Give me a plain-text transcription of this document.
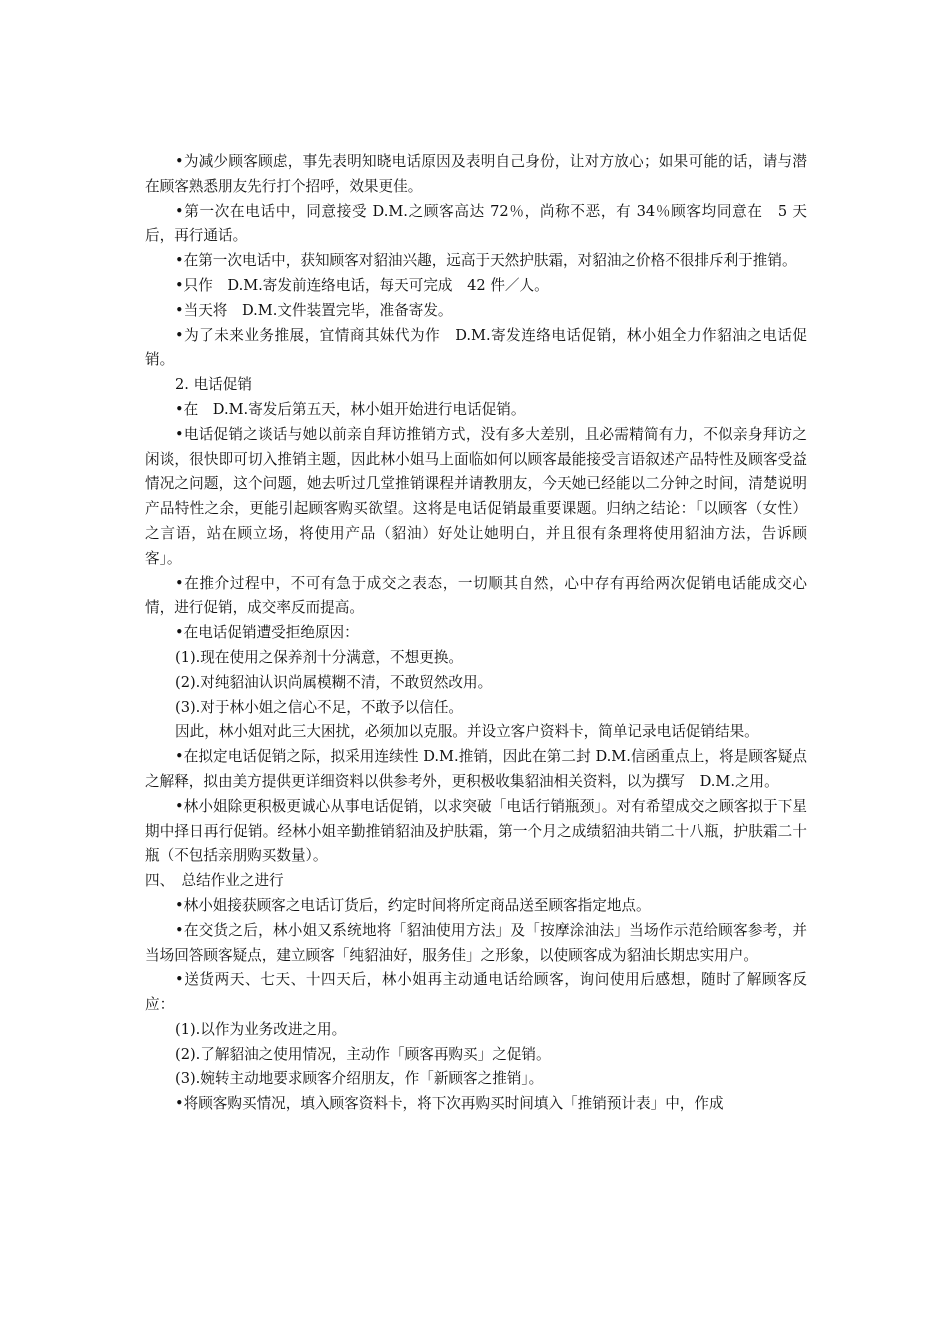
•为减少顾客顾虑，事先表明知晓电话原因及表明自己身份，让对方放心；如果可能的话，请与潜在顾客熟悉朋友先行打个招呼，效果更佳。

•第一次在电话中，同意接受 D.M.之顾客高达 72％，尚称不恶，有 34％顾客均同意在　5 天后，再行通话。

•在第一次电话中，获知顾客对貂油兴趣，远高于天然护肤霜，对貂油之价格不很排斥利于推销。

•只作　D.M.寄发前连络电话，每天可完成　42 件／人。

•当天将　D.M.文件装置完毕，准备寄发。

•为了未来业务推展，宜情商其妹代为作　D.M.寄发连络电话促销，林小姐全力作貂油之电话促销。

2. 电话促销

•在　D.M.寄发后第五天，林小姐开始进行电话促销。

•电话促销之谈话与她以前亲自拜访推销方式，没有多大差别，且必需精简有力，不似亲身拜访之闲谈，很快即可切入推销主题，因此林小姐马上面临如何以顾客最能接受言语叙述产品特性及顾客受益情况之问题，这个问题，她去听过几堂推销课程并请教朋友，今天她已经能以二分钟之时间，清楚说明产品特性之余，更能引起顾客购买欲望。这将是电话促销最重要课题。归纳之结论：「以顾客（女性）之言语，站在顾立场，将使用产品（貂油）好处让她明白，并且很有条理将使用貂油方法，告诉顾客」。

•在推介过程中，不可有急于成交之表态，一切顺其自然，心中存有再给两次促销电话能成交心情，进行促销，成交率反而提高。

•在电话促销遭受拒绝原因：

(1).现在使用之保养剂十分满意，不想更换。

(2).对纯貂油认识尚属模糊不清，不敢贸然改用。

(3).对于林小姐之信心不足，不敢予以信任。

因此，林小姐对此三大困扰，必须加以克服。并设立客户资料卡，简单记录电话促销结果。

•在拟定电话促销之际，拟采用连续性 D.M.推销，因此在第二封 D.M.信函重点上，将是顾客疑点之解释，拟由美方提供更详细资料以供参考外，更积极收集貂油相关资料，以为撰写　D.M.之用。

•林小姐除更积极更诚心从事电话促销，以求突破「电话行销瓶颈」。对有希望成交之顾客拟于下星期中择日再行促销。经林小姐辛勤推销貂油及护肤霜，第一个月之成绩貂油共销二十八瓶，护肤霜二十瓶（不包括亲朋购买数量）。

四、　总结作业之进行

•林小姐接获顾客之电话订货后，约定时间将所定商品送至顾客指定地点。

•在交货之后，林小姐又系统地将「貂油使用方法」及「按摩涂油法」当场作示范给顾客参考，并当场回答顾客疑点，建立顾客「纯貂油好，服务佳」之形象，以使顾客成为貂油长期忠实用户。

•送货两天、七天、十四天后，林小姐再主动通电话给顾客，询问使用后感想，随时了解顾客反应：

(1).以作为业务改进之用。

(2).了解貂油之使用情况，主动作「顾客再购买」之促销。

(3).婉转主动地要求顾客介绍朋友，作「新顾客之推销」。

•将顾客购买情况，填入顾客资料卡，将下次再购买时间填入「推销预计表」中，作成
